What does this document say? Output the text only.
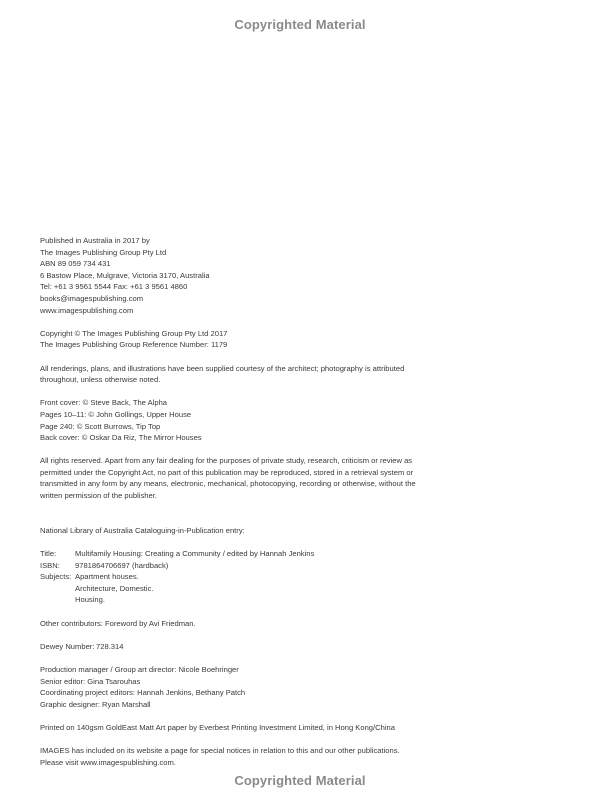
Copyrighted Material
Published in Australia in 2017 by
The Images Publishing Group Pty Ltd
ABN 89 059 734 431
6 Bastow Place, Mulgrave, Victoria 3170, Australia
Tel: +61 3 9561 5544 Fax: +61 3 9561 4860
books@imagespublishing.com
www.imagespublishing.com
Copyright © The Images Publishing Group Pty Ltd 2017
The Images Publishing Group Reference Number: 1179
All renderings, plans, and illustrations have been supplied courtesy of the architect; photography is attributed throughout, unless otherwise noted.
Front cover: © Steve Back, The Alpha
Pages 10–11: © John Gollings, Upper House
Page 240: © Scott Burrows, Tip Top
Back cover: © Oskar Da Riz, The Mirror Houses
All rights reserved. Apart from any fair dealing for the purposes of private study, research, criticism or review as permitted under the Copyright Act, no part of this publication may be reproduced, stored in a retrieval system or transmitted in any form by any means, electronic, mechanical, photocopying, recording or otherwise, without the written permission of the publisher.
National Library of Australia Cataloguing-in-Publication entry:
Title:	Multifamily Housing: Creating a Community / edited by Hannah Jenkins
ISBN:	9781864706697 (hardback)
Subjects: Apartment houses.
Architecture, Domestic.
Housing.
Other contributors: Foreword by Avi Friedman.
Dewey Number: 728.314
Production manager / Group art director: Nicole Boehringer
Senior editor: Gina Tsarouhas
Coordinating project editors: Hannah Jenkins, Bethany Patch
Graphic designer: Ryan Marshall
Printed on 140gsm GoldEast Matt Art paper by Everbest Printing Investment Limited, in Hong Kong/China
IMAGES has included on its website a page for special notices in relation to this and our other publications.
Please visit www.imagespublishing.com.
Copyrighted Material
